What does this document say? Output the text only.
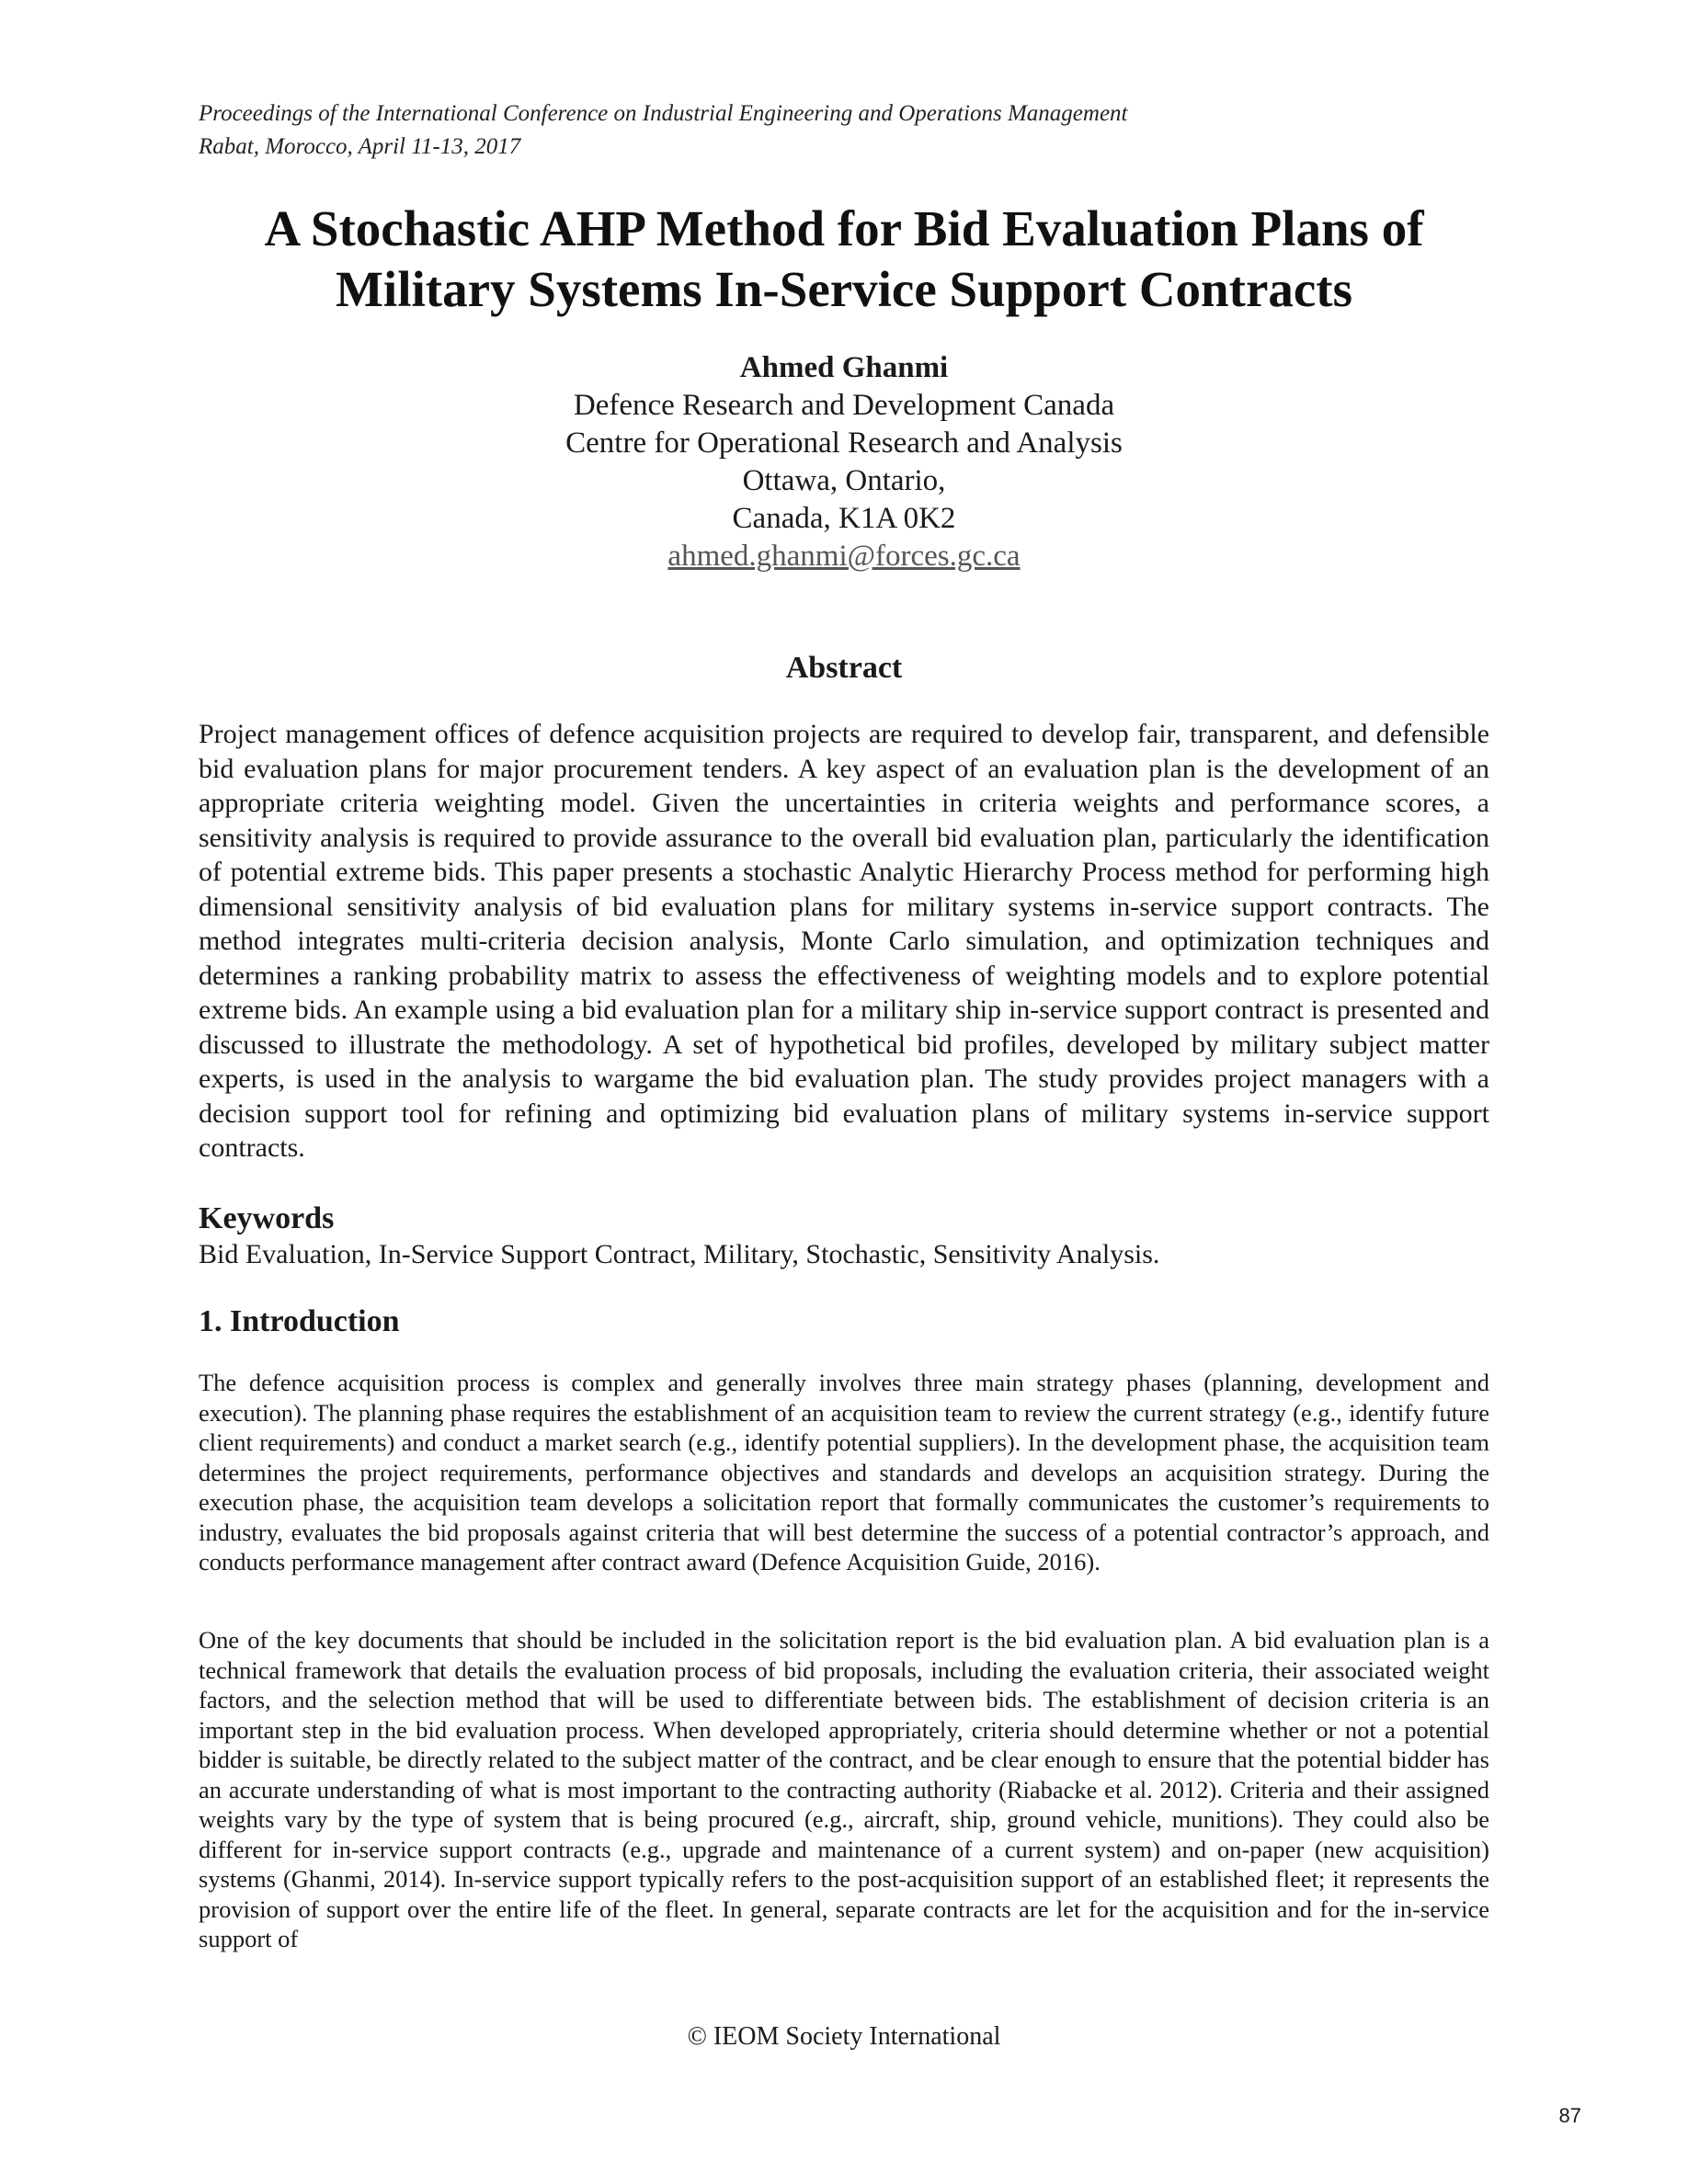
Proceedings of the International Conference on Industrial Engineering and Operations Management
Rabat, Morocco, April 11-13, 2017
A Stochastic AHP Method for Bid Evaluation Plans of
Military Systems In-Service Support Contracts
Ahmed Ghanmi
Defence Research and Development Canada
Centre for Operational Research and Analysis
Ottawa, Ontario,
Canada, K1A 0K2
ahmed.ghanmi@forces.gc.ca
Abstract
Project management offices of defence acquisition projects are required to develop fair, transparent, and defensible bid evaluation plans for major procurement tenders. A key aspect of an evaluation plan is the development of an appropriate criteria weighting model. Given the uncertainties in criteria weights and performance scores, a sensitivity analysis is required to provide assurance to the overall bid evaluation plan, particularly the identification of potential extreme bids. This paper presents a stochastic Analytic Hierarchy Process method for performing high dimensional sensitivity analysis of bid evaluation plans for military systems in-service support contracts. The method integrates multi-criteria decision analysis, Monte Carlo simulation, and optimization techniques and determines a ranking probability matrix to assess the effectiveness of weighting models and to explore potential extreme bids. An example using a bid evaluation plan for a military ship in-service support contract is presented and discussed to illustrate the methodology. A set of hypothetical bid profiles, developed by military subject matter experts, is used in the analysis to wargame the bid evaluation plan. The study provides project managers with a decision support tool for refining and optimizing bid evaluation plans of military systems in-service support contracts.
Keywords
Bid Evaluation, In-Service Support Contract, Military, Stochastic, Sensitivity Analysis.
1. Introduction
The defence acquisition process is complex and generally involves three main strategy phases (planning, development and execution). The planning phase requires the establishment of an acquisition team to review the current strategy (e.g., identify future client requirements) and conduct a market search (e.g., identify potential suppliers). In the development phase, the acquisition team determines the project requirements, performance objectives and standards and develops an acquisition strategy. During the execution phase, the acquisition team develops a solicitation report that formally communicates the customer’s requirements to industry, evaluates the bid proposals against criteria that will best determine the success of a potential contractor’s approach, and conducts performance management after contract award (Defence Acquisition Guide, 2016).
One of the key documents that should be included in the solicitation report is the bid evaluation plan. A bid evaluation plan is a technical framework that details the evaluation process of bid proposals, including the evaluation criteria, their associated weight factors, and the selection method that will be used to differentiate between bids. The establishment of decision criteria is an important step in the bid evaluation process. When developed appropriately, criteria should determine whether or not a potential bidder is suitable, be directly related to the subject matter of the contract, and be clear enough to ensure that the potential bidder has an accurate understanding of what is most important to the contracting authority (Riabacke et al. 2012). Criteria and their assigned weights vary by the type of system that is being procured (e.g., aircraft, ship, ground vehicle, munitions). They could also be different for in-service support contracts (e.g., upgrade and maintenance of a current system) and on-paper (new acquisition) systems (Ghanmi, 2014). In-service support typically refers to the post-acquisition support of an established fleet; it represents the provision of support over the entire life of the fleet. In general, separate contracts are let for the acquisition and for the in-service support of
© IEOM Society International
87
